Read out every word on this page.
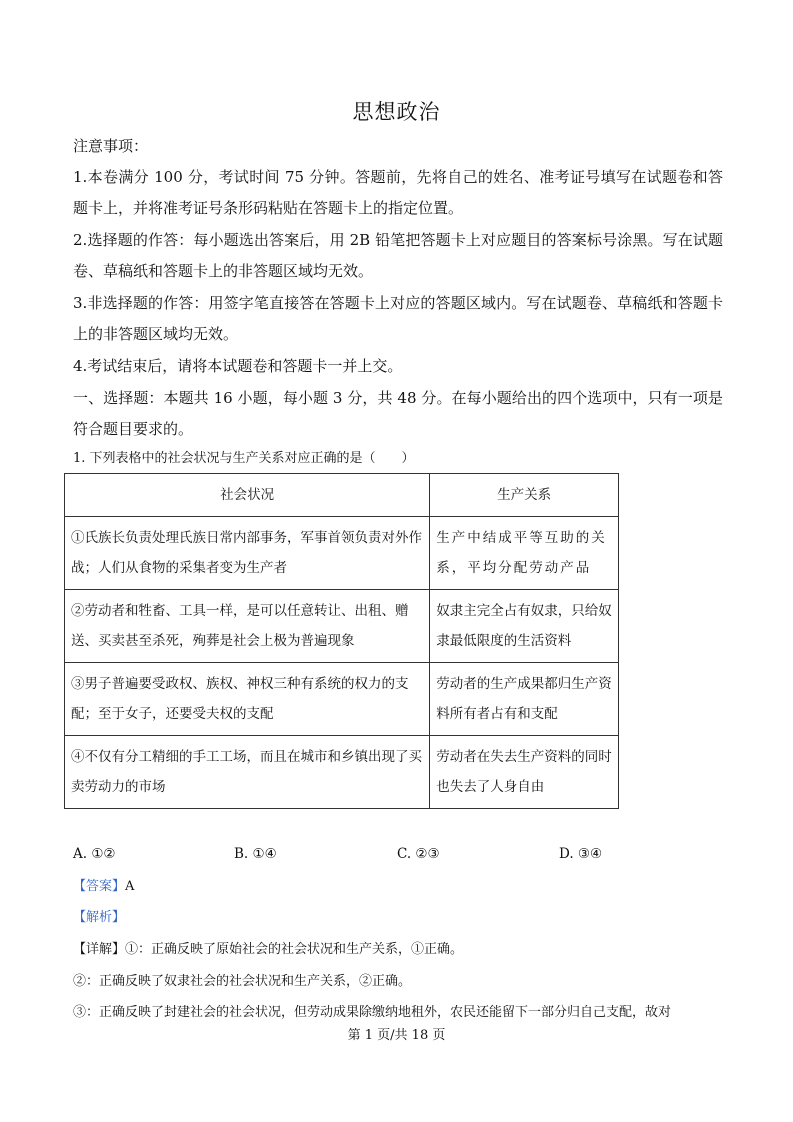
思想政治
注意事项：
1.本卷满分 100 分，考试时间 75 分钟。答题前，先将自己的姓名、准考证号填写在试题卷和答题卡上，并将准考证号条形码粘贴在答题卡上的指定位置。
2.选择题的作答：每小题选出答案后，用 2B 铅笔把答题卡上对应题目的答案标号涂黑。写在试题卷、草稿纸和答题卡上的非答题区域均无效。
3.非选择题的作答：用签字笔直接答在答题卡上对应的答题区域内。写在试题卷、草稿纸和答题卡上的非答题区域均无效。
4.考试结束后，请将本试题卷和答题卡一并上交。
一、选择题：本题共 16 小题，每小题 3 分，共 48 分。在每小题给出的四个选项中，只有一项是符合题目要求的。
1. 下列表格中的社会状况与生产关系对应正确的是（　　）
社会状况	生产关系
①氏族长负责处理氏族日常内部事务，军事首领负责对外作战；人们从食物的采集者变为生产者	生产中结成平等互助的关系，平均分配劳动产品
②劳动者和牲畜、工具一样，是可以任意转让、出租、赠送、买卖甚至杀死，殉葬是社会上极为普遍现象	奴隶主完全占有奴隶，只给奴隶最低限度的生活资料
③男子普遍要受政权、族权、神权三种有系统的权力的支配；至于女子，还要受夫权的支配	劳动者的生产成果都归生产资料所有者占有和支配
④不仅有分工精细的手工工场，而且在城市和乡镇出现了买卖劳动力的市场	劳动者在失去生产资料的同时也失去了人身自由
A. ①②	B. ①④	C. ②③	D. ③④
【答案】A
【解析】
【详解】①：正确反映了原始社会的社会状况和生产关系，①正确。
②：正确反映了奴隶社会的社会状况和生产关系，②正确。
③：正确反映了封建社会的社会状况，但劳动成果除缴纳地租外，农民还能留下一部分归自己支配，故对
第 1 页/共 18 页
